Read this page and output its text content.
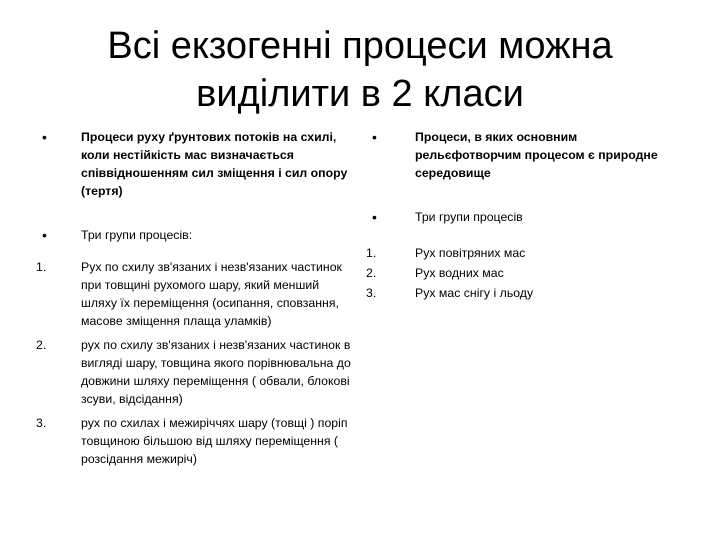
Всі екзогенні процеси можна
виділити в 2 класи
•	Процеси руху ґрунтових потоків на схилі, коли нестійкість мас визначається співвідношенням сил зміщення і сил опору (тертя)
•	Три групи процесів:
1.	Рух по схилу зв'язаних і незв'язаних частинок при товщині рухомого шару, який менший шляху їх переміщення (осипання, сповзання, масове зміщення плаща уламків)
2.	рух по схилу зв'язаних і незв'язаних частинок в вигляді шару, товщина якого порівнювальна до довжини шляху переміщення ( обвали, блокові зсуви, відсідання)
3.	рух по схилах і межиріччях шару (товщі ) поріп товщиною більшою від шляху переміщення ( розсідання межиріч)
•	Процеси, в яких основним рельєфотворчим процесом є природне середовище
•	Три групи процесів
1.	Рух повітряних мас
2.	Рух водних мас
3.	Рух мас снігу і льоду
